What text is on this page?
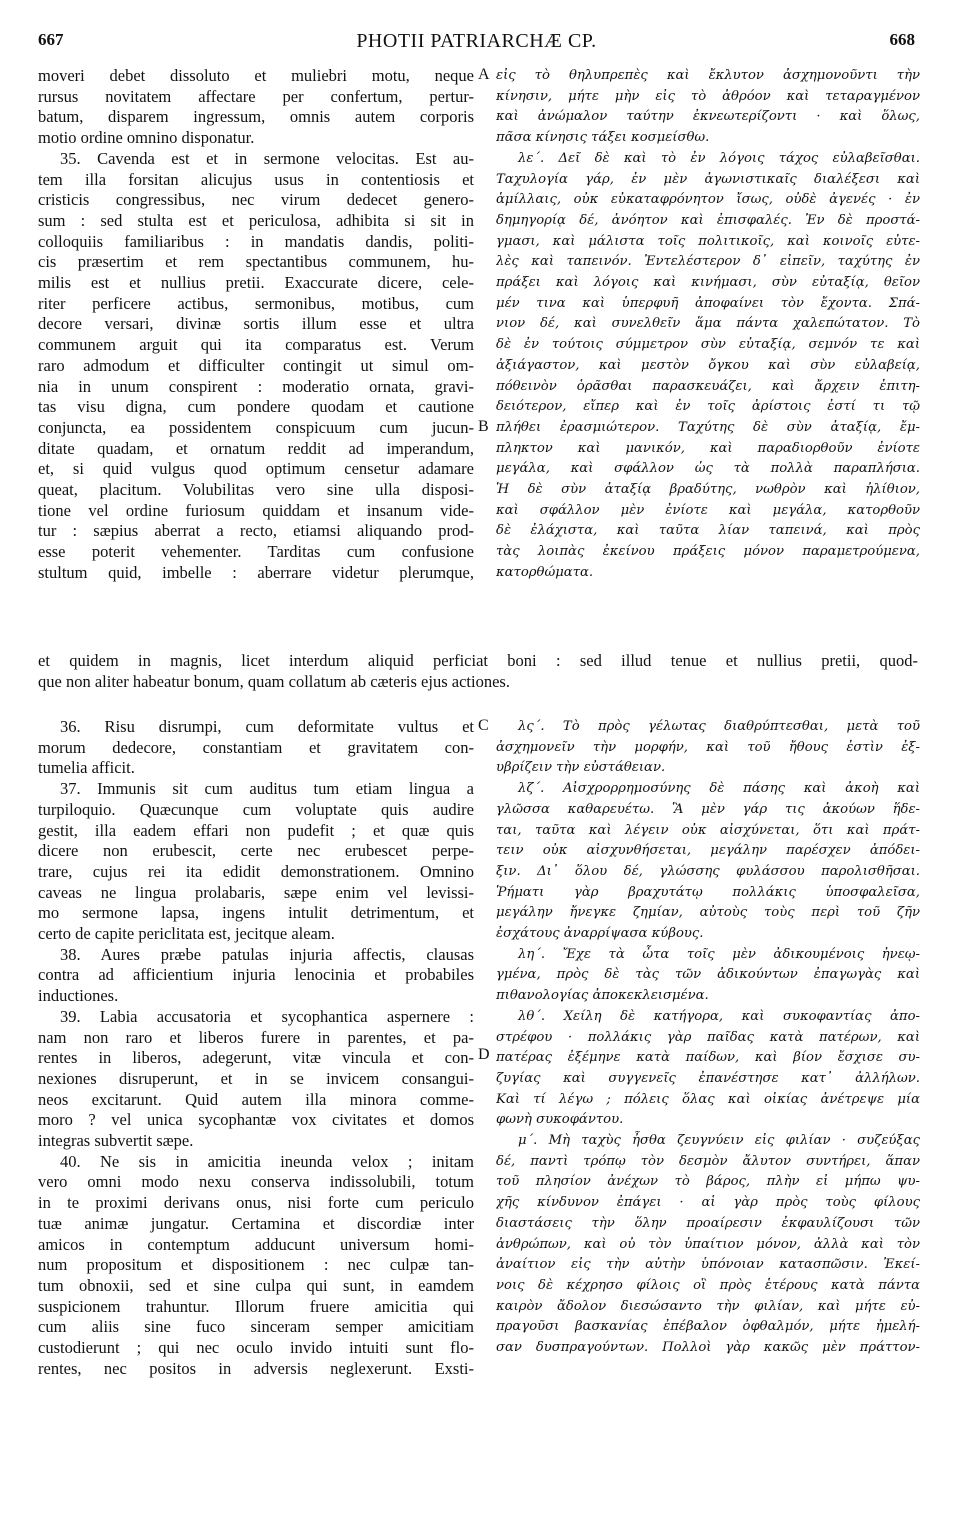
667	PHOTII PATRIARCHÆ CP.	668
A
B
C
D
moveri debet dissoluto et muliebri motu, neque
rursus novitatem affectare per confertum, pertur-
batum, disparem ingressum, omnis autem corporis
motio ordine omnino disponatur.
35. Cavenda est et in sermone velocitas. Est au-
tem illa forsitan alicujus usus in contentiosis et
cristicis congressibus, nec virum dedecet genero-
sum : sed stulta est et periculosa, adhibita si sit in
colloquiis familiaribus : in mandatis dandis, politi-
cis præsertim et rem spectantibus communem, hu-
milis est et nullius pretii. Exaccurate dicere, cele-
riter perficere actibus, sermonibus, motibus, cum
decore versari, divinæ sortis illum esse et ultra
communem arguit qui ita comparatus est. Verum
raro admodum et difficulter contingit ut simul om-
nia in unum conspirent : moderatio ornata, gravi-
tas visu digna, cum pondere quodam et cautione
conjuncta, ea possidentem conspicuum cum jucun-
ditate quadam, et ornatum reddit ad imperandum,
et, si quid vulgus quod optimum censetur adamare
queat, placitum. Volubilitas vero sine ulla disposi-
tione vel ordine furiosum quiddam et insanum vide-
tur : sæpius aberrat a recto, etiamsi aliquando prod-
esse poterit vehementer. Tarditas cum confusione
stultum quid, imbelle : aberrare videtur plerumque,
et quidem in magnis, licet interdum aliquid perficiat boni : sed illud tenue et nullius pretii, quod-
que non aliter habeatur bonum, quam collatum ab cæteris ejus actiones.
36. Risu disrumpi, cum deformitate vultus et
morum dedecore, constantiam et gravitatem con-
tumelia afficit.
37. Immunis sit cum auditus tum etiam lingua a
turpiloquio. Quæcunque cum voluptate quis audire
gestit, illa eadem effari non pudefit ; et quæ quis
dicere non erubescit, certe nec erubescet perpe-
trare, cujus rei ita edidit demonstrationem. Omnino
caveas ne lingua prolabaris, sæpe enim vel levissi-
mo sermone lapsa, ingens intulit detrimentum, et
certo de capite periclitata est, jecitque aleam.
38. Aures præbe patulas injuria affectis, clausas
contra ad afficientium injuria lenocinia et probabiles
inductiones.
39. Labia accusatoria et sycophantica aspernere :
nam non raro et liberos furere in parentes, et pa-
rentes in liberos, adegerunt, vitæ vincula et con-
nexiones disruperunt, et in se invicem consangui-
neos excitarunt. Quid autem illa minora comme-
moro ? vel unica sycophantæ vox civitates et domos
integras subvertit sæpe.
40. Ne sis in amicitia ineunda velox ; initam
vero omni modo nexu conserva indissolubili, totum
in te proximi derivans onus, nisi forte cum periculo
tuæ animæ jungatur. Certamina et discordiæ inter
amicos in contemptum adducunt universum homi-
num propositum et dispositionem : nec culpæ tan-
tum obnoxii, sed et sine culpa qui sunt, in eamdem
suspicionem trahuntur. Illorum fruere amicitia qui
cum aliis sine fuco sinceram semper amicitiam
custodierunt ; qui nec oculo invido intuiti sunt flo-
rentes, nec positos in adversis neglexerunt. Exsti-
εἰς τὸ θηλυπρεπὲς καὶ ἔκλυτον ἀσχημονοῦντι τὴν
κίνησιν, μήτε μὴν εἰς τὸ ἀθρόον καὶ τεταραγμένον
καὶ ἀνώμαλον ταύτην ἐκνεωτερίζοντι · καὶ ὅλως,
πᾶσα κίνησις τάξει κοσμείσθω.
λε΄. Δεῖ δὲ καὶ τὸ ἐν λόγοις τάχος εὐλαβεῖσθαι.
Ταχυλογία γάρ, ἐν μὲν ἀγωνιστικαῖς διαλέξεσι καὶ
ἁμίλλαις, οὐκ εὐκαταφρόνητον ἴσως, οὐδὲ ἀγενές · ἐν
δημηγορίᾳ δέ, ἀνόητον καὶ ἐπισφαλές. Ἐν δὲ προστά-
γμασι, καὶ μάλιστα τοῖς πολιτικοῖς, καὶ κοινοῖς εὐτε-
λὲς καὶ ταπεινόν. Ἐντελέστερον δ᾽ εἰπεῖν, ταχύτης ἐν
πράξει καὶ λόγοις καὶ κινήμασι, σὺν εὐταξίᾳ, θεῖον
μέν τινα καὶ ὑπερφυῆ ἀποφαίνει τὸν ἔχοντα. Σπά-
νιον δέ, καὶ συνελθεῖν ἅμα πάντα χαλεπώτατον. Τὸ
δὲ ἐν τούτοις σύμμετρον σὺν εὐταξίᾳ, σεμνόν τε καὶ
ἀξιάγαστον, καὶ μεστὸν ὄγκου καὶ σὺν εὐλαβείᾳ,
πόθεινὸν ὁρᾶσθαι παρασκευάζει, καὶ ἄρχειν ἐπιτη-
δειότερον, εἴπερ καὶ ἐν τοῖς ἀρίστοις ἐστί τι τῷ
πλήθει ἐρασμιώτερον. Ταχύτης δὲ σὺν ἀταξίᾳ, ἔμ-
πληκτον καὶ μανικόν, καὶ παραδιορθοῦν ἐνίοτε
μεγάλα, καὶ σφάλλον ὡς τὰ πολλὰ παραπλήσια.
Ἡ δὲ σὺν ἀταξίᾳ βραδύτης, νωθρὸν καὶ ἠλίθιον,
καὶ σφάλλον μὲν ἐνίοτε καὶ μεγάλα, κατορθοῦν
δὲ ἐλάχιστα, καὶ ταῦτα λίαν ταπεινά, καὶ πρὸς
τὰς λοιπὰς ἐκείνου πράξεις μόνον παραμετρούμενα,
κατορθώματα.
λς΄. Τὸ πρὸς γέλωτας διαθρύπτεσθαι, μετὰ τοῦ
ἀσχημονεῖν τὴν μορφήν, καὶ τοῦ ἤθους ἐστὶν ἐξ-
υβρίζειν τὴν εὐστάθειαν.
λζ΄. Αἰσχρορρημοσύνης δὲ πάσης καὶ ἀκοὴ καὶ
γλῶσσα καθαρευέτω. Ἃ μὲν γάρ τις ἀκούων ἥδε-
ται, ταῦτα καὶ λέγειν οὐκ αἰσχύνεται, ὅτι καὶ πράτ-
τειν οὐκ αἰσχυνθήσεται, μεγάλην παρέσχεν ἀπόδει-
ξιν. Δι᾽ ὅλου δέ, γλώσσης φυλάσσου παρολισθῆσαι.
Ῥήματι γὰρ βραχυτάτῳ πολλάκις ὑποσφαλεῖσα,
μεγάλην ἤνεγκε ζημίαν, αὐτοὺς τοὺς περὶ τοῦ ζῆν
ἐσχάτους ἀναρρίψασα κύβους.
λη΄. Ἔχε τὰ ὦτα τοῖς μὲν ἀδικουμένοις ἠνεῳ-
γμένα, πρὸς δὲ τὰς τῶν ἀδικούντων ἐπαγωγὰς καὶ
πιθανολογίας ἀποκεκλεισμένα.
λθ΄. Χείλη δὲ κατήγορα, καὶ συκοφαντίας ἀπο-
στρέφου · πολλάκις γὰρ παῖδας κατὰ πατέρων, καὶ
πατέρας ἐξέμηνε κατὰ παίδων, καὶ βίον ἔσχισε συ-
ζυγίας καὶ συγγενεῖς ἐπανέστησε κατ᾽ ἀλλήλων.
Καὶ τί λέγω ; πόλεις ὅλας καὶ οἰκίας ἀνέτρεψε μία
φωνὴ συκοφάντου.
μ΄. Μὴ ταχὺς ἦσθα ζευγνύειν εἰς φιλίαν · συζεύξας
δέ, παντὶ τρόπῳ τὸν δεσμὸν ἄλυτον συντήρει, ἅπαν
τοῦ πλησίον ἀνέχων τὸ βάρος, πλὴν εἰ μήπω ψυ-
χῆς κίνδυνον ἐπάγει · αἱ γὰρ πρὸς τοὺς φίλους
διαστάσεις τὴν ὅλην προαίρεσιν ἐκφαυλίζουσι τῶν
ἀνθρώπων, καὶ οὐ τὸν ὑπαίτιον μόνον, ἀλλὰ καὶ τὸν
ἀναίτιον εἰς τὴν αὐτὴν ὑπόνοιαν κατασπῶσιν. Ἐκεί-
νοις δὲ κέχρησο φίλοις οἳ πρὸς ἑτέρους κατὰ πάντα
καιρὸν ἄδολον διεσώσαντο τὴν φιλίαν, καὶ μήτε εὐ-
πραγοῦσι βασκανίας ἐπέβαλον ὀφθαλμόν, μήτε ἠμελή-
σαν δυσπραγούντων. Πολλοὶ γὰρ κακῶς μὲν πράττον-
